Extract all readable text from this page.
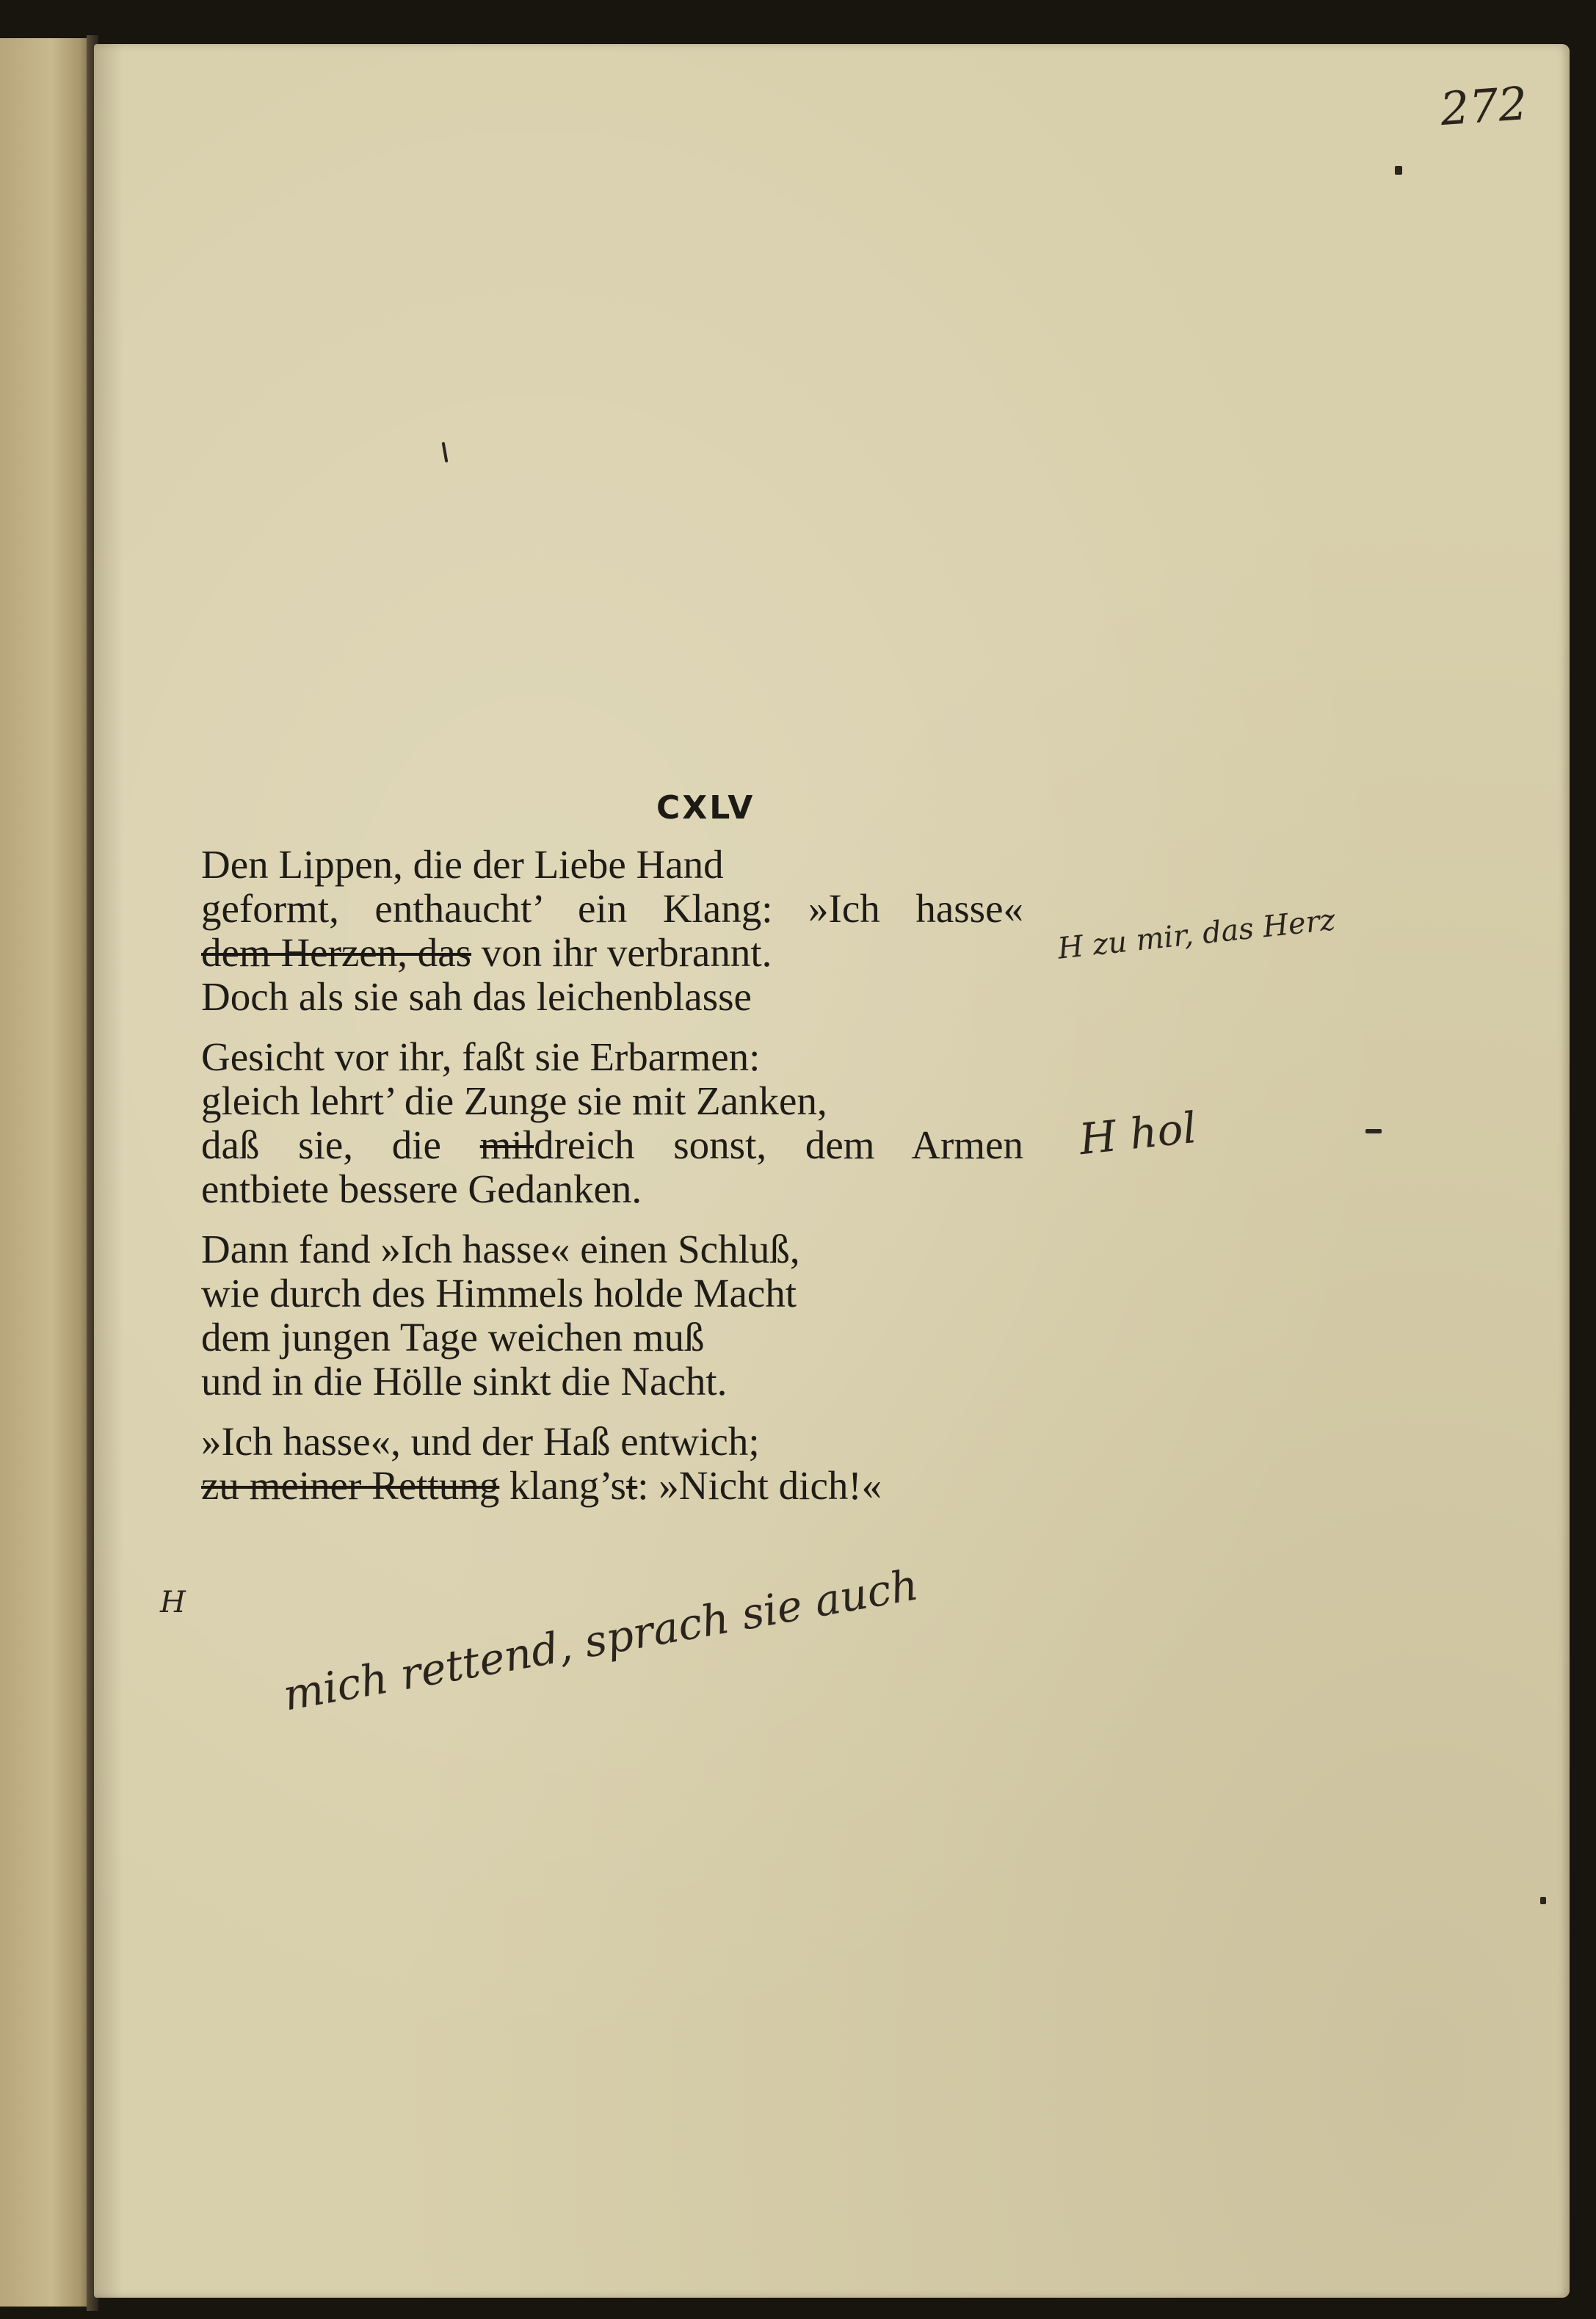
272
CXLV
Den Lippen, die der Liebe Hand
geformt, enthaucht’ ein Klang: »Ich hasse«
dem Herzen, das von ihr verbrannt.
Doch als sie sah das leichenblasse
Gesicht vor ihr, faßt sie Erbarmen:
gleich lehrt’ die Zunge sie mit Zanken,
daß sie, die mildreich sonst, dem Armen
entbiete bessere Gedanken.
Dann fand »Ich hasse« einen Schluß,
wie durch des Himmels holde Macht
dem jungen Tage weichen muß
und in die Hölle sinkt die Nacht.
»Ich hasse«, und der Haß entwich;
zu meiner Rettung klang’st: »Nicht dich!«
H zu mir, das Herz
H hol
H mich rettend, sprach sie auch
